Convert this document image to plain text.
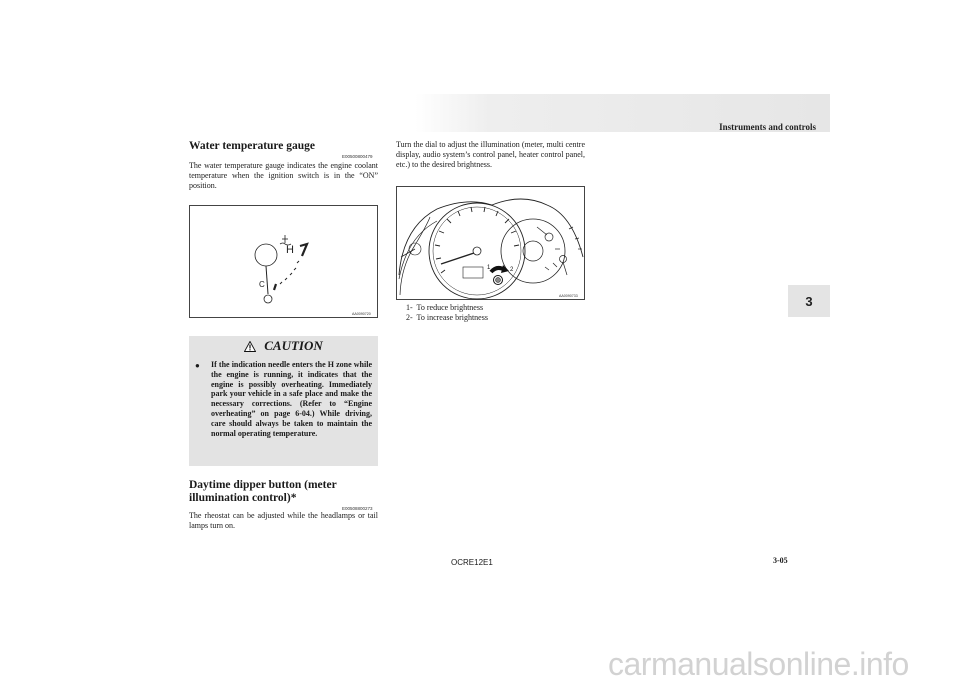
Instruments and controls
3
Water temperature gauge
E00500800479
The water temperature gauge indicates the engine coolant temperature when the ignition switch is in the “ON” position.
H
C
AA0090720
CAUTION
● If the indication needle enters the H zone while the engine is running, it indicates that the engine is possibly overheating. Immediately park your vehicle in a safe place and make the necessary corrections. (Refer to “Engine overheating” on page 6-04.) While driving, care should always be taken to maintain the normal operating temperature.
Daytime dipper button (meter illumination control)*
E00508800273
The rheostat can be adjusted while the headlamps or tail lamps turn on.
Turn the dial to adjust the illumination (meter, multi centre display, audio system’s control panel, heater control panel, etc.) to the desired brightness.
1	2
AA0090733
1- To reduce brightness
2- To increase brightness
OCRE12E1	3-05
carmanualsonline.info
